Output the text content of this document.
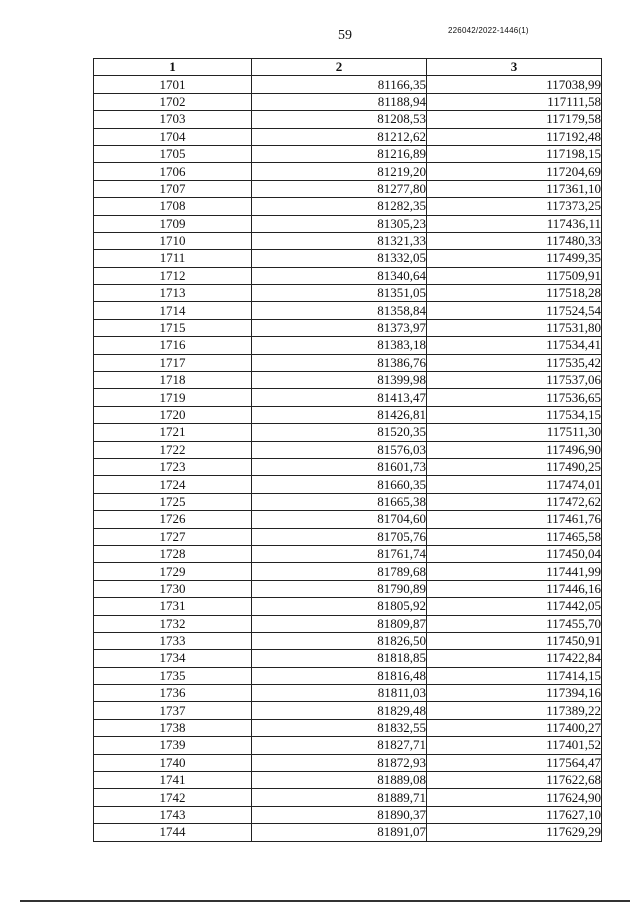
59	226042/2022-1446(1)
1	2	3
1701	81166,35	117038,99
1702	81188,94	117111,58
1703	81208,53	117179,58
1704	81212,62	117192,48
1705	81216,89	117198,15
1706	81219,20	117204,69
1707	81277,80	117361,10
1708	81282,35	117373,25
1709	81305,23	117436,11
1710	81321,33	117480,33
1711	81332,05	117499,35
1712	81340,64	117509,91
1713	81351,05	117518,28
1714	81358,84	117524,54
1715	81373,97	117531,80
1716	81383,18	117534,41
1717	81386,76	117535,42
1718	81399,98	117537,06
1719	81413,47	117536,65
1720	81426,81	117534,15
1721	81520,35	117511,30
1722	81576,03	117496,90
1723	81601,73	117490,25
1724	81660,35	117474,01
1725	81665,38	117472,62
1726	81704,60	117461,76
1727	81705,76	117465,58
1728	81761,74	117450,04
1729	81789,68	117441,99
1730	81790,89	117446,16
1731	81805,92	117442,05
1732	81809,87	117455,70
1733	81826,50	117450,91
1734	81818,85	117422,84
1735	81816,48	117414,15
1736	81811,03	117394,16
1737	81829,48	117389,22
1738	81832,55	117400,27
1739	81827,71	117401,52
1740	81872,93	117564,47
1741	81889,08	117622,68
1742	81889,71	117624,90
1743	81890,37	117627,10
1744	81891,07	117629,29
